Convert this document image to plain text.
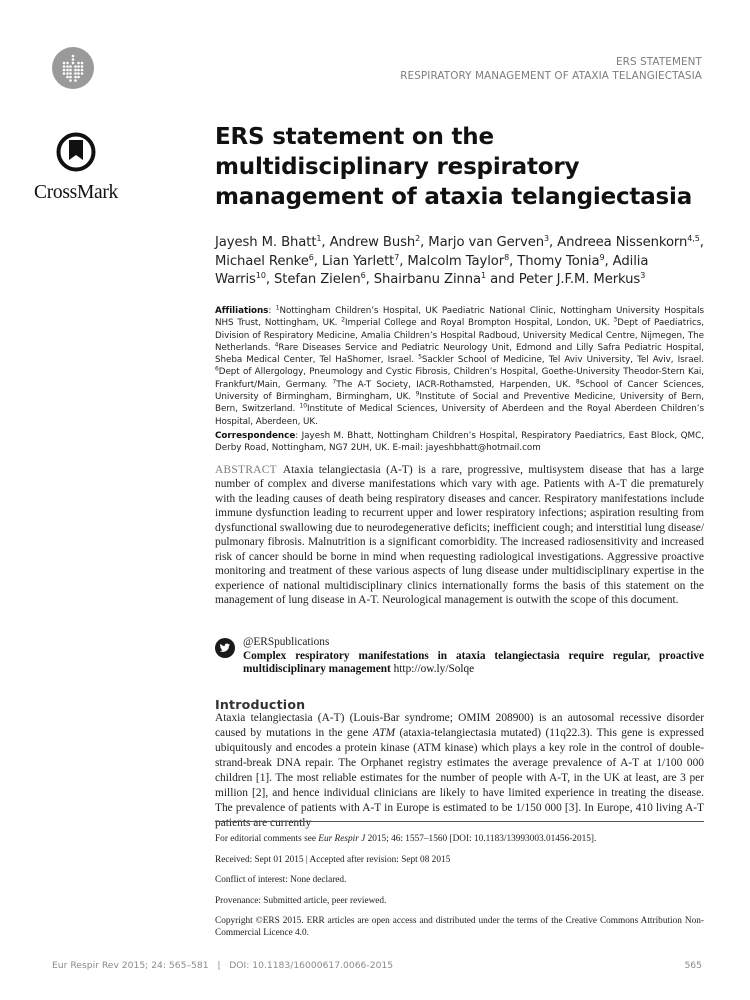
ERS STATEMENT
RESPIRATORY MANAGEMENT OF ATAXIA TELANGIECTASIA
CrossMark
ERS statement on the multidisciplinary respiratory management of ataxia telangiectasia
Jayesh M. Bhatt$^1$, Andrew Bush$^2$, Marjo van Gerven$^3$, Andreea Nissenkorn$^{4,5}$, Michael Renke$^6$, Lian Yarlett$^7$, Malcolm Taylor$^8$, Thomy Tonia$^9$, Adilia Warris$^{10}$, Stefan Zielen$^6$, Shairbanu Zinna$^1$ and Peter J.F.M. Merkus$^3$
Affiliations: $^1$Nottingham Children’s Hospital, UK Paediatric National Clinic, Nottingham University Hospitals NHS Trust, Nottingham, UK. $^2$Imperial College and Royal Brompton Hospital, London, UK. $^3$Dept of Paediatrics, Division of Respiratory Medicine, Amalia Children’s Hospital Radboud, University Medical Centre, Nijmegen, The Netherlands. $^4$Rare Diseases Service and Pediatric Neurology Unit, Edmond and Lilly Safra Pediatric Hospital, Sheba Medical Center, Tel HaShomer, Israel. $^5$Sackler School of Medicine, Tel Aviv University, Tel Aviv, Israel. $^6$Dept of Allergology, Pneumology and Cystic Fibrosis, Children’s Hospital, Goethe-University Theodor-Stern Kai, Frankfurt/Main, Germany. $^7$The A-T Society, IACR-Rothamsted, Harpenden, UK. $^8$School of Cancer Sciences, University of Birmingham, Birmingham, UK. $^9$Institute of Social and Preventive Medicine, University of Bern, Bern, Switzerland. $^{10}$Institute of Medical Sciences, University of Aberdeen and the Royal Aberdeen Children’s Hospital, Aberdeen, UK.
Correspondence: Jayesh M. Bhatt, Nottingham Children’s Hospital, Respiratory Paediatrics, East Block, QMC, Derby Road, Nottingham, NG7 2UH, UK. E-mail: jayeshbhatt@hotmail.com
ABSTRACT Ataxia telangiectasia (A-T) is a rare, progressive, multisystem disease that has a large number of complex and diverse manifestations which vary with age. Patients with A-T die prematurely with the leading causes of death being respiratory diseases and cancer. Respiratory manifestations include immune dysfunction leading to recurrent upper and lower respiratory infections; aspiration resulting from dysfunctional swallowing due to neurodegenerative deficits; inefficient cough; and interstitial lung disease/ pulmonary fibrosis. Malnutrition is a significant comorbidity. The increased radiosensitivity and increased risk of cancer should be borne in mind when requesting radiological investigations. Aggressive proactive monitoring and treatment of these various aspects of lung disease under multidisciplinary expertise in the experience of national multidisciplinary clinics internationally forms the basis of this statement on the management of lung disease in A-T. Neurological management is outwith the scope of this document.
@ERSpublications
Complex respiratory manifestations in ataxia telangiectasia require regular, proactive multidisciplinary management http://ow.ly/Solqe
Introduction
Ataxia telangiectasia (A-T) (Louis-Bar syndrome; OMIM 208900) is an autosomal recessive disorder caused by mutations in the gene ATM (ataxia-telangiectasia mutated) (11q22.3). This gene is expressed ubiquitously and encodes a protein kinase (ATM kinase) which plays a key role in the control of double-strand-break DNA repair. The Orphanet registry estimates the average prevalence of A-T at 1/100 000 children [1]. The most reliable estimates for the number of people with A-T, in the UK at least, are 3 per million [2], and hence individual clinicians are likely to have limited experience in treating the disease. The prevalence of patients with A-T in Europe is estimated to be 1/150 000 [3]. In Europe, 410 living A-T patients are currently

For editorial comments see Eur Respir J 2015; 46: 1557–1560 [DOI: 10.1183/13993003.01456-2015].

Received: Sept 01 2015 | Accepted after revision: Sept 08 2015

Conflict of interest: None declared.

Provenance: Submitted article, peer reviewed.

Copyright ©ERS 2015. ERR articles are open access and distributed under the terms of the Creative Commons Attribution Non-Commercial Licence 4.0.

Eur Respir Rev 2015; 24: 565–581 | DOI: 10.1183/16000617.0066-2015	565
